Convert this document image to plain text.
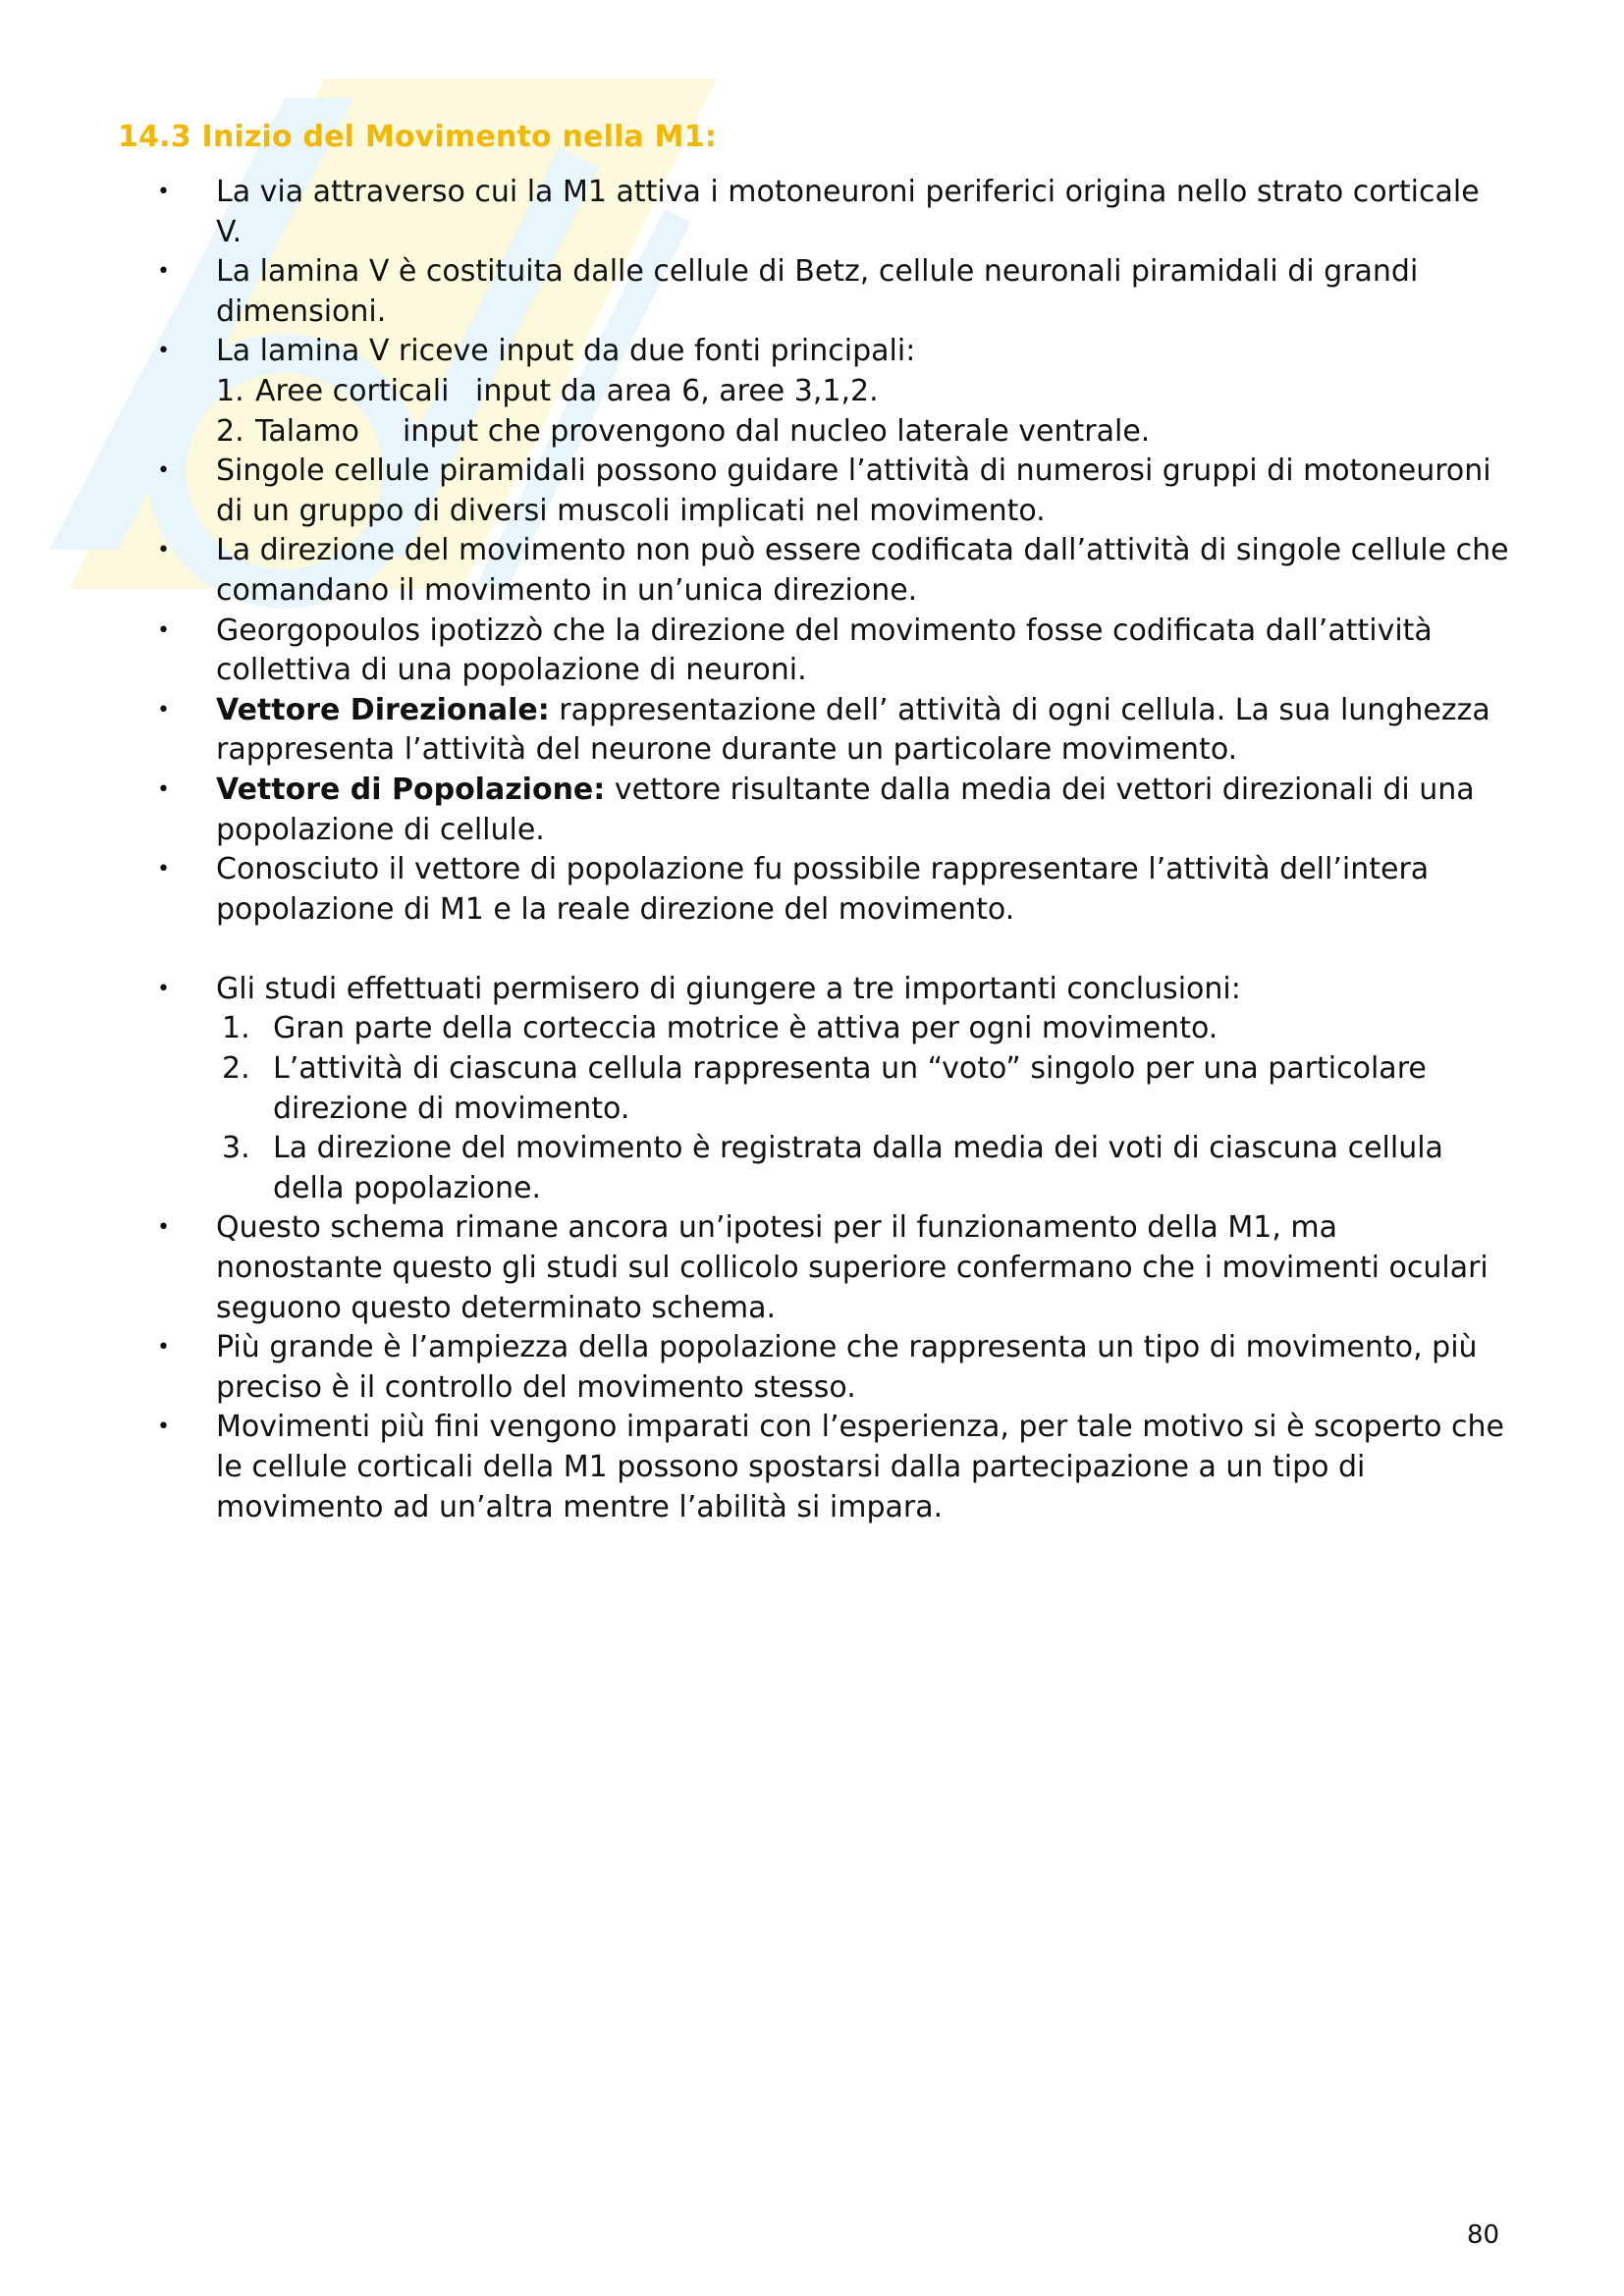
14.3 Inizio del Movimento nella M1:
• La via attraverso cui la M1 attiva i motoneuroni periferici origina nello strato corticale V.
• La lamina V è costituita dalle cellule di Betz, cellule neuronali piramidali di grandi dimensioni.
• La lamina V riceve input da due fonti principali:
1. Aree corticali input da area 6, aree 3,1,2.
2. Talamo input che provengono dal nucleo laterale ventrale.
• Singole cellule piramidali possono guidare l’attività di numerosi gruppi di motoneuroni di un gruppo di diversi muscoli implicati nel movimento.
• La direzione del movimento non può essere codificata dall’attività di singole cellule che comandano il movimento in un’unica direzione.
• Georgopoulos ipotizzò che la direzione del movimento fosse codificata dall’attività collettiva di una popolazione di neuroni.
• Vettore Direzionale: rappresentazione dell’ attività di ogni cellula. La sua lunghezza rappresenta l’attività del neurone durante un particolare movimento.
• Vettore di Popolazione: vettore risultante dalla media dei vettori direzionali di una popolazione di cellule.
• Conosciuto il vettore di popolazione fu possibile rappresentare l’attività dell’intera popolazione di M1 e la reale direzione del movimento.
• Gli studi effettuati permisero di giungere a tre importanti conclusioni:
1. Gran parte della corteccia motrice è attiva per ogni movimento.
2. L’attività di ciascuna cellula rappresenta un “voto” singolo per una particolare direzione di movimento.
3. La direzione del movimento è registrata dalla media dei voti di ciascuna cellula della popolazione.
• Questo schema rimane ancora un’ipotesi per il funzionamento della M1, ma nonostante questo gli studi sul collicolo superiore confermano che i movimenti oculari seguono questo determinato schema.
• Più grande è l’ampiezza della popolazione che rappresenta un tipo di movimento, più preciso è il controllo del movimento stesso.
• Movimenti più fini vengono imparati con l’esperienza, per tale motivo si è scoperto che le cellule corticali della M1 possono spostarsi dalla partecipazione a un tipo di movimento ad un’altra mentre l’abilità si impara.
80
